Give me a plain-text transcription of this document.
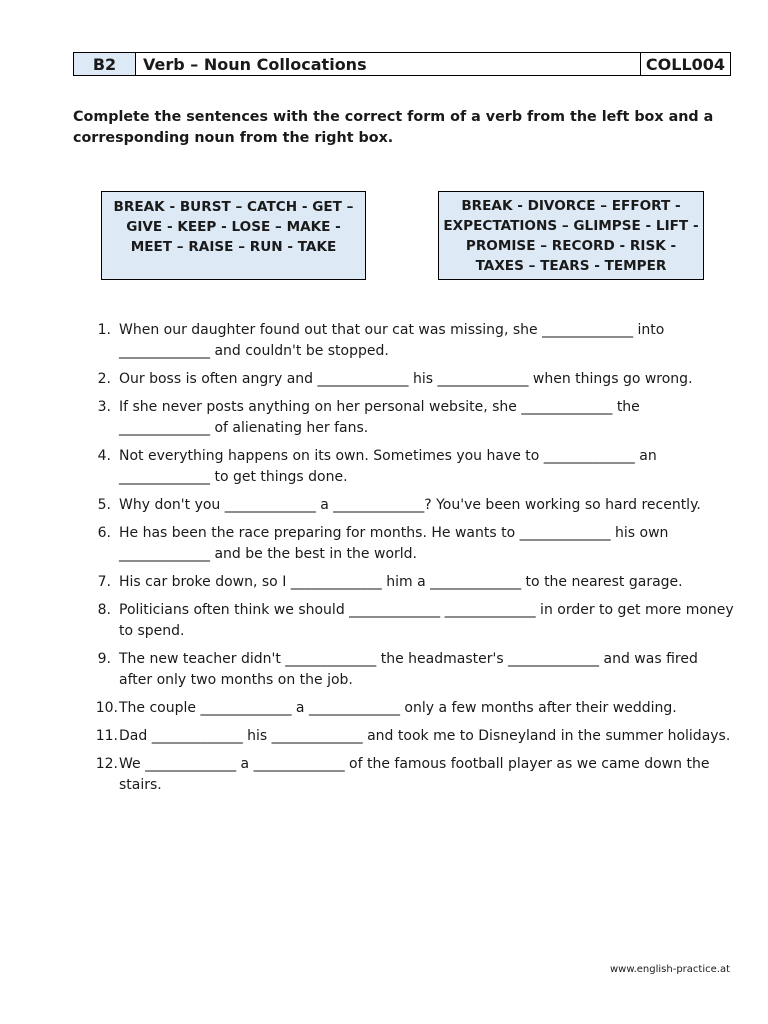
B2	Verb – Noun Collocations	COLL004
Complete the sentences with the correct form of a verb from the left box and a corresponding noun from the right box.
BREAK - BURST – CATCH - GET – GIVE - KEEP - LOSE – MAKE - MEET – RAISE – RUN - TAKE
BREAK - DIVORCE – EFFORT - EXPECTATIONS – GLIMPSE - LIFT - PROMISE – RECORD - RISK - TAXES – TEARS - TEMPER
1. When our daughter found out that our cat was missing, she _____________ into _____________ and couldn't be stopped.
2. Our boss is often angry and _____________ his _____________ when things go wrong.
3. If she never posts anything on her personal website, she _____________ the _____________ of alienating her fans.
4. Not everything happens on its own. Sometimes you have to _____________ an _____________ to get things done.
5. Why don't you _____________ a _____________? You've been working so hard recently.
6. He has been the race preparing for months. He wants to _____________ his own _____________ and be the best in the world.
7. His car broke down, so I _____________ him a _____________ to the nearest garage.
8. Politicians often think we should _____________ _____________ in order to get more money to spend.
9. The new teacher didn't _____________ the headmaster's _____________ and was fired after only two months on the job.
10. The couple _____________ a _____________ only a few months after their wedding.
11. Dad _____________ his _____________ and took me to Disneyland in the summer holidays.
12. We _____________ a _____________ of the famous football player as we came down the stairs.
www.english-practice.at
